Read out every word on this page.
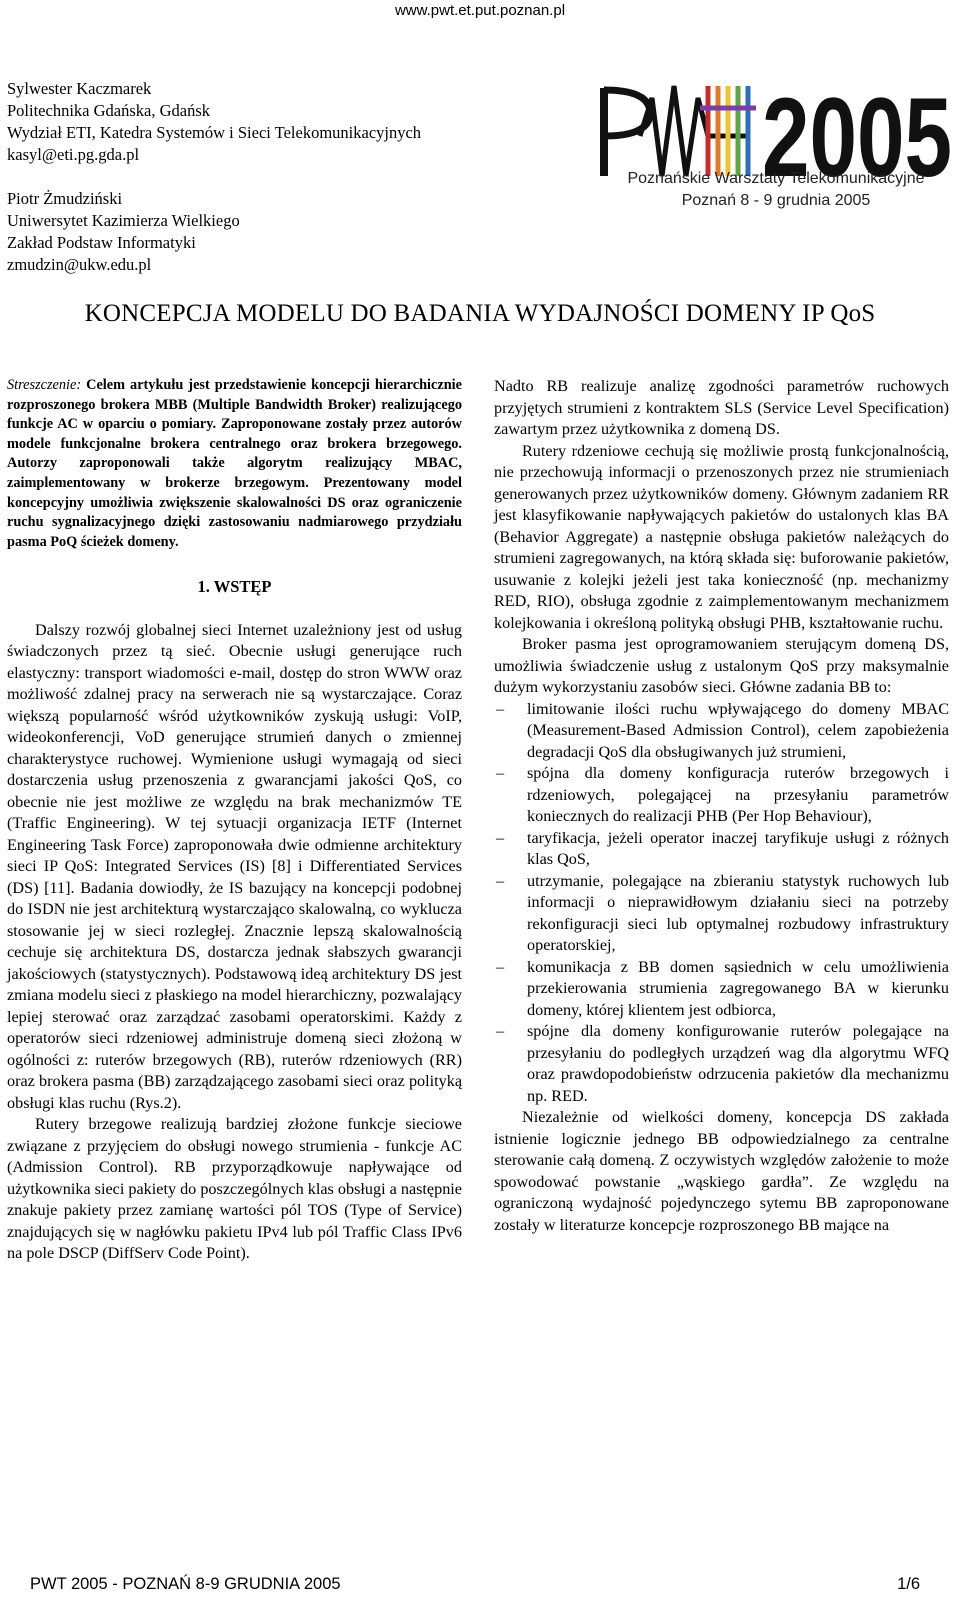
www.pwt.et.put.poznan.pl
Sylwester Kaczmarek
Politechnika Gdańska, Gdańsk
Wydział ETI, Katedra Systemów i Sieci Telekomunikacyjnych
kasyl@eti.pg.gda.pl
Piotr Żmudziński
Uniwersytet Kazimierza Wielkiego
Zakład Podstaw Informatyki
zmudzin@ukw.edu.pl
2005
Poznańskie Warsztaty Telekomunikacyjne
Poznań 8 - 9 grudnia 2005
KONCEPCJA MODELU DO BADANIA WYDAJNOŚCI DOMENY IP QoS

Streszczenie: Celem artykułu jest przedstawienie koncepcji hierarchicznie rozproszonego brokera MBB (Multiple Bandwidth Broker) realizującego funkcje AC w oparciu o pomiary. Zaproponowane zostały przez autorów modele funkcjonalne brokera centralnego oraz brokera brzegowego. Autorzy zaproponowali także algorytm realizujący MBAC, zaimplementowany w brokerze brzegowym. Prezentowany model koncepcyjny umożliwia zwiększenie skalowalności DS oraz ograniczenie ruchu sygnalizacyjnego dzięki zastosowaniu nadmiarowego przydziału pasma PoQ ścieżek domeny.

1. WSTĘP

Dalszy rozwój globalnej sieci Internet uzależniony jest od usług świadczonych przez tą sieć. Obecnie usługi generujące ruch elastyczny: transport wiadomości e-mail, dostęp do stron WWW oraz możliwość zdalnej pracy na serwerach nie są wystarczające. Coraz większą popularność wśród użytkowników zyskują usługi: VoIP, wideokonferencji, VoD generujące strumień danych o zmiennej charakterystyce ruchowej. Wymienione usługi wymagają od sieci dostarczenia usług przenoszenia z gwarancjami jakości QoS, co obecnie nie jest możliwe ze względu na brak mechanizmów TE (Traffic Engineering). W tej sytuacji organizacja IETF (Internet Engineering Task Force) zaproponowała dwie odmienne architektury sieci IP QoS: Integrated Services (IS) [8] i Differentiated Services (DS) [11]. Badania dowiodły, że IS bazujący na koncepcji podobnej do ISDN nie jest architekturą wystarczająco skalowalną, co wyklucza stosowanie jej w sieci rozległej. Znacznie lepszą skalowalnością cechuje się architektura DS, dostarcza jednak słabszych gwarancji jakościowych (statystycznych). Podstawową ideą architektury DS jest zmiana modelu sieci z płaskiego na model hierarchiczny, pozwalający lepiej sterować oraz zarządzać zasobami operatorskimi. Każdy z operatorów sieci rdzeniowej administruje domeną sieci złożoną w ogólności z: ruterów brzegowych (RB), ruterów rdzeniowych (RR) oraz brokera pasma (BB) zarządzającego zasobami sieci oraz polityką obsługi klas ruchu (Rys.2).

Rutery brzegowe realizują bardziej złożone funkcje sieciowe związane z przyjęciem do obsługi nowego strumienia - funkcje AC (Admission Control). RB przyporządkowuje napływające od użytkownika sieci pakiety do poszczególnych klas obsługi a następnie znakuje pakiety przez zamianę wartości pól TOS (Type of Service) znajdujących się w nagłówku pakietu IPv4 lub pól Traffic Class IPv6 na pole DSCP (DiffServ Code Point).

Nadto RB realizuje analizę zgodności parametrów ruchowych przyjętych strumieni z kontraktem SLS (Service Level Specification) zawartym przez użytkownika z domeną DS.

Rutery rdzeniowe cechują się możliwie prostą funkcjonalnością, nie przechowują informacji o przenoszonych przez nie strumieniach generowanych przez użytkowników domeny. Głównym zadaniem RR jest klasyfikowanie napływających pakietów do ustalonych klas BA (Behavior Aggregate) a następnie obsługa pakietów należących do strumieni zagregowanych, na którą składa się: buforowanie pakietów, usuwanie z kolejki jeżeli jest taka konieczność (np. mechanizmy RED, RIO), obsługa zgodnie z zaimplementowanym mechanizmem kolejkowania i określoną polityką obsługi PHB, kształtowanie ruchu.

Broker pasma jest oprogramowaniem sterującym domeną DS, umożliwia świadczenie usług z ustalonym QoS przy maksymalnie dużym wykorzystaniu zasobów sieci. Główne zadania BB to:

– limitowanie ilości ruchu wpływającego do domeny MBAC (Measurement-Based Admission Control), celem zapobieżenia degradacji QoS dla obsługiwanych już strumieni,
– spójna dla domeny konfiguracja ruterów brzegowych i rdzeniowych, polegającej na przesyłaniu parametrów koniecznych do realizacji PHB (Per Hop Behaviour),
– taryfikacja, jeżeli operator inaczej taryfikuje usługi z różnych klas QoS,
– utrzymanie, polegające na zbieraniu statystyk ruchowych lub informacji o nieprawidłowym działaniu sieci na potrzeby rekonfiguracji sieci lub optymalnej rozbudowy infrastruktury operatorskiej,
– komunikacja z BB domen sąsiednich w celu umożliwienia przekierowania strumienia zagregowanego BA w kierunku domeny, której klientem jest odbiorca,
– spójne dla domeny konfigurowanie ruterów polegające na przesyłaniu do podległych urządzeń wag dla algorytmu WFQ oraz prawdopodobieństw odrzucenia pakietów dla mechanizmu np. RED.

Niezależnie od wielkości domeny, koncepcja DS zakłada istnienie logicznie jednego BB odpowiedzialnego za centralne sterowanie całą domeną. Z oczywistych względów założenie to może spowodować powstanie „wąskiego gardła”. Ze względu na ograniczoną wydajność pojedynczego sytemu BB zaproponowane zostały w literaturze koncepcje rozproszonego BB mające na

PWT 2005 - POZNAŃ 8-9 GRUDNIA 2005	1/6
